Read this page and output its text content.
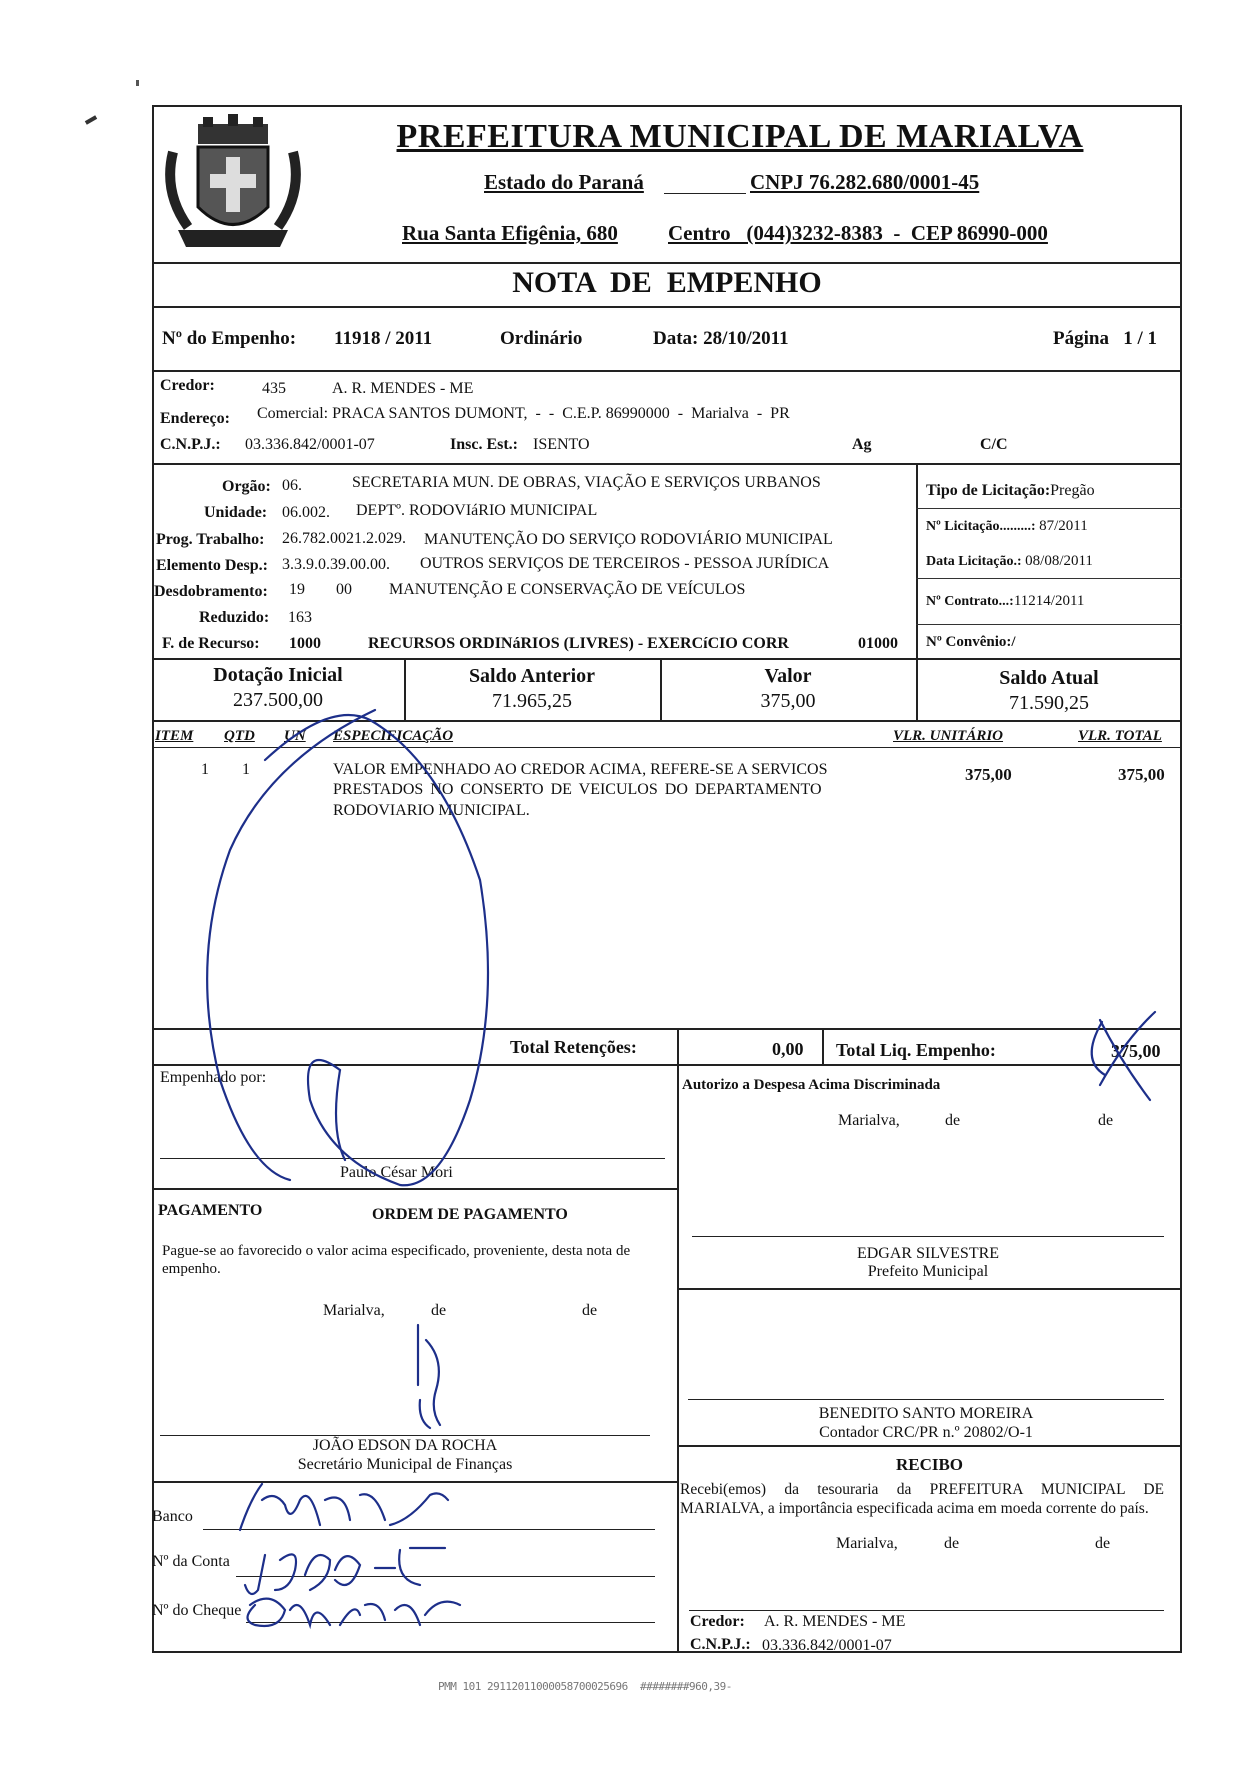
PREFEITURA MUNICIPAL DE MARIALVA
Estado do Paraná	CNPJ 76.282.680/0001-45
Rua Santa Efigênia, 680 Centro   (044)3232-8383  -  CEP 86990-000
NOTA  DE  EMPENHO
Nº do Empenho: 11918 / 2011	Ordinário	Data: 28/10/2011	Página   1 / 1
Credor:	435	A. R. MENDES - ME
Endereço: Comercial: PRACA SANTOS DUMONT,  -  -  C.E.P. 86990000  -  Marialva  -  PR
C.N.P.J.: 03.336.842/0001-07	Insc. Est.: ISENTO	Ag	C/C
Orgão: 06.	SECRETARIA MUN. DE OBRAS, VIAÇÃO E SERVIÇOS URBANOS
Unidade: 06.002. DEPTº. RODOVIáRIO MUNICIPAL
Prog. Trabalho: 26.782.0021.2.029. MANUTENÇÃO DO SERVIÇO RODOVIÁRIO MUNICIPAL
Elemento Desp.: 3.3.9.0.39.00.00. OUTROS SERVIÇOS DE TERCEIROS - PESSOA JURÍDICA
Desdobramento: 19 00 MANUTENÇÃO E CONSERVAÇÃO DE VEÍCULOS
Reduzido: 163
F. de Recurso: 1000	RECURSOS ORDINáRIOS (LIVRES) - EXERCíCIO CORR	01000
Tipo de Licitação:Pregão
Nº Licitação.........: 87/2011
Data Licitação.: 08/08/2011
Nº Contrato...:11214/2011
Nº Convênio:/
Dotação Inicial
237.500,00
Saldo Anterior
71.965,25
Valor
375,00
Saldo Atual
71.590,25
ITEM QTD UN ESPECIFICAÇÃO	VLR. UNITÁRIO	VLR. TOTAL
1 1	VALOR EMPENHADO AO CREDOR ACIMA, REFERE-SE A SERVICOS
PRESTADOS NO CONSERTO DE VEICULOS DO DEPARTAMENTO
RODOVIARIO MUNICIPAL.
375,00	375,00
Total Retenções:	0,00 Total Liq. Empenho:	375,00
Empenhado por:
Paulo César Mori
Autorizo a Despesa Acima Discriminada
Marialva,	de	de
PAGAMENTO	ORDEM DE PAGAMENTO
Pague-se ao favorecido o valor acima especificado, proveniente, desta nota de empenho.
Marialva,	de	de
JOÃO EDSON DA ROCHA
Secretário Municipal de Finanças
EDGAR SILVESTRE
Prefeito Municipal
BENEDITO SANTO MOREIRA
Contador CRC/PR n.º 20802/O-1
Banco
Nº da Conta
Nº do Cheque
RECIBO
Recebi(emos) da tesouraria da PREFEITURA MUNICIPAL DE MARIALVA, a importância especificada acima em moeda corrente do país.
Marialva,	de	de
Credor: A. R. MENDES - ME
C.N.P.J.: 03.336.842/0001-07
PMM 101 29112011000058700025696  ########960,39-
